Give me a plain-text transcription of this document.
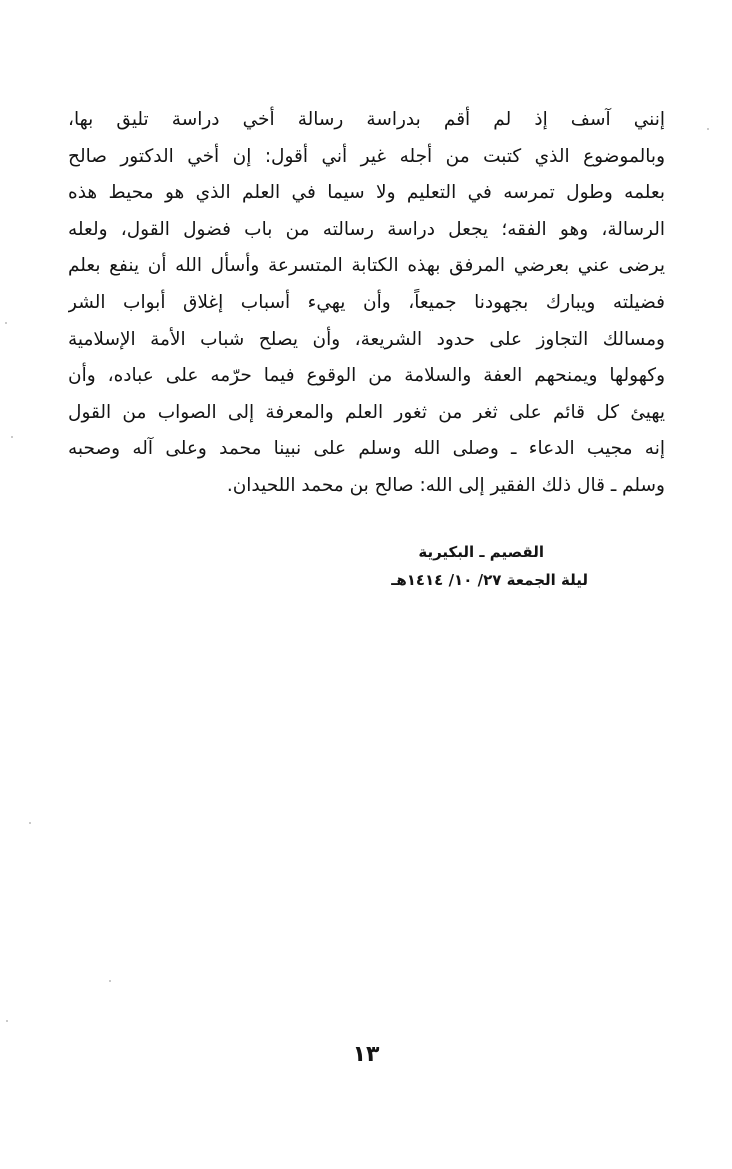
إنني آسف إذ لم أقم بدراسة رسالة أخي دراسة تليق بها،
وبالموضوع الذي كتبت من أجله غير أني أقول: إن أخي الدكتور صالح
بعلمه وطول تمرسه في التعليم ولا سيما في العلم الذي هو محيط هذه
الرسالة، وهو الفقه؛ يجعل دراسة رسالته من باب فضول القول، ولعله
يرضى عني بعرضي المرفق بهذه الكتابة المتسرعة وأسأل الله أن ينفع بعلم
فضيلته ويبارك بجهودنا جميعاً، وأن يهيء أسباب إغلاق أبواب الشر
ومسالك التجاوز على حدود الشريعة، وأن يصلح شباب الأمة الإسلامية
وكهولها ويمنحهم العفة والسلامة من الوقوع فيما حرّمه على عباده، وأن
يهيئ كل قائم على ثغر من ثغور العلم والمعرفة إلى الصواب من القول
إنه مجيب الدعاء ـ وصلى الله وسلم على نبينا محمد وعلى آله وصحبه
وسلم ـ قال ذلك الفقير إلى الله: صالح بن محمد اللحيدان.
القصيم ـ البكيرية
ليلة الجمعة ٢٧/ ١٠/ ١٤١٤هـ
١٣
